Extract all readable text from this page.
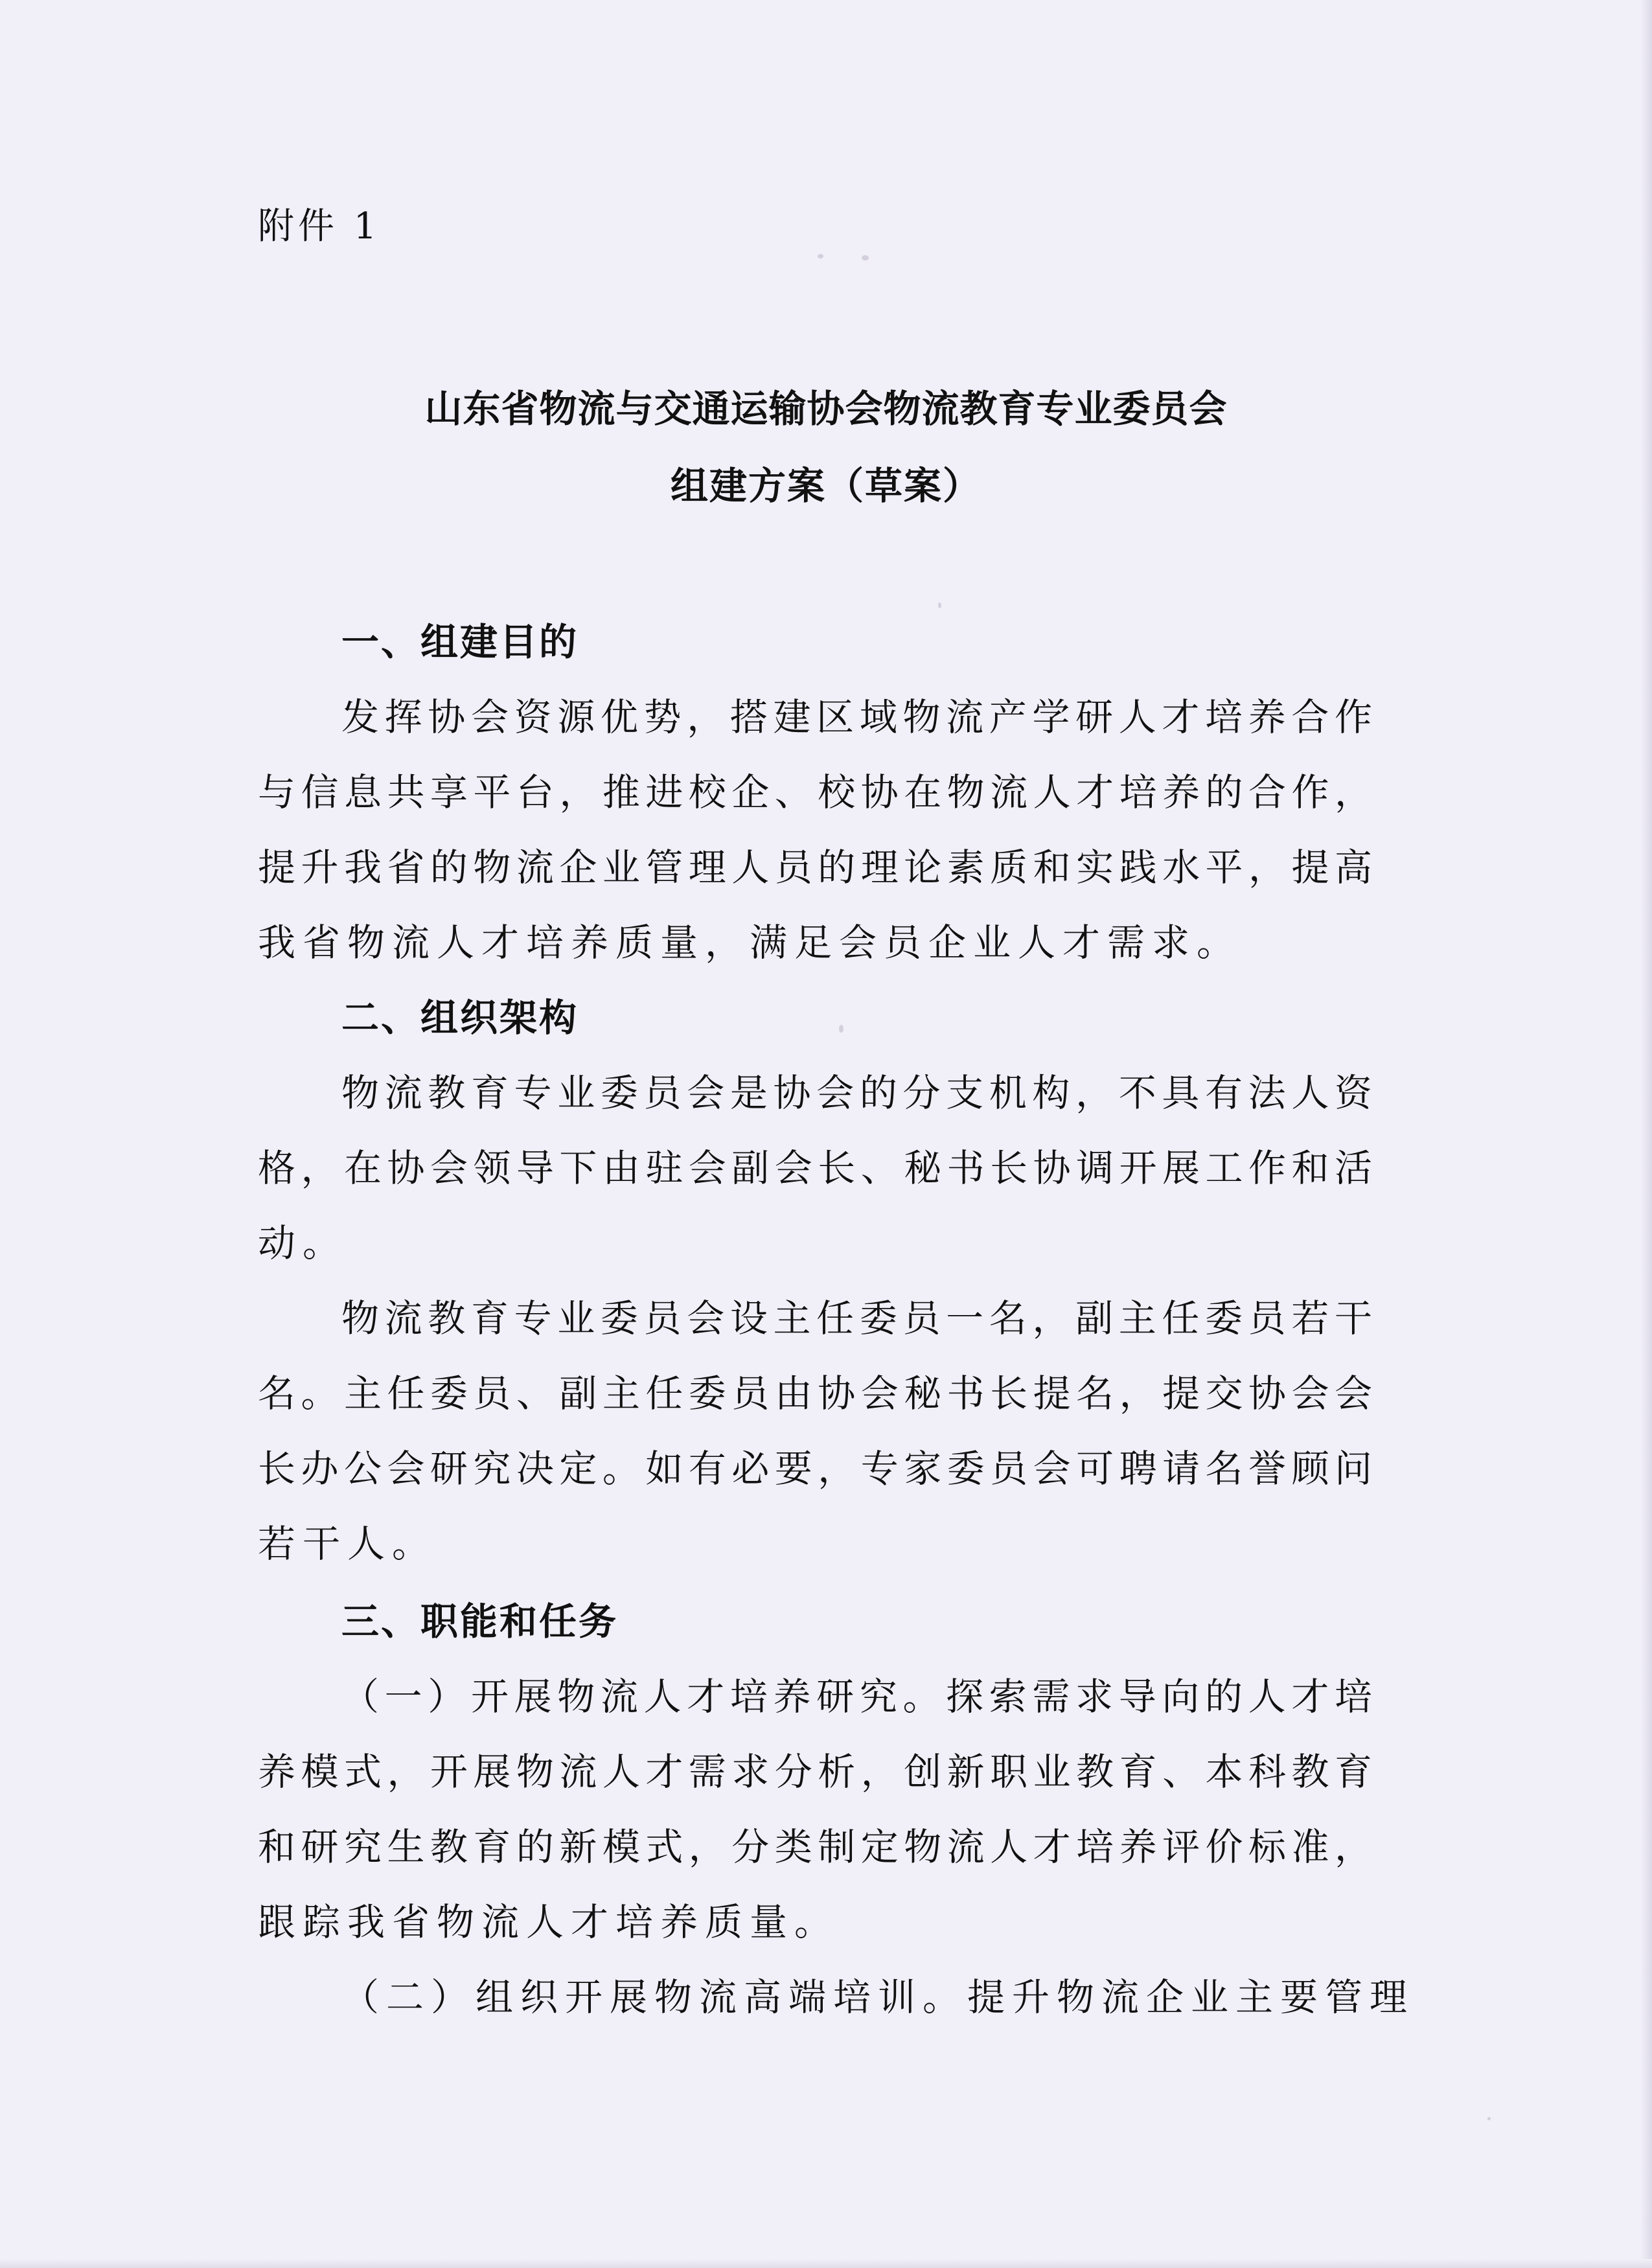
附件 1
山东省物流与交通运输协会物流教育专业委员会
组建方案（草案）
一、组建目的
发挥协会资源优势，搭建区域物流产学研人才培养合作
与信息共享平台，推进校企、校协在物流人才培养的合作，
提升我省的物流企业管理人员的理论素质和实践水平，提高
我省物流人才培养质量，满足会员企业人才需求。
二、组织架构
物流教育专业委员会是协会的分支机构，不具有法人资
格，在协会领导下由驻会副会长、秘书长协调开展工作和活
动。
物流教育专业委员会设主任委员一名，副主任委员若干
名。主任委员、副主任委员由协会秘书长提名，提交协会会
长办公会研究决定。如有必要，专家委员会可聘请名誉顾问
若干人。
三、职能和任务
（一）开展物流人才培养研究。探索需求导向的人才培
养模式，开展物流人才需求分析，创新职业教育、本科教育
和研究生教育的新模式，分类制定物流人才培养评价标准，
跟踪我省物流人才培养质量。
（二）组织开展物流高端培训。提升物流企业主要管理
